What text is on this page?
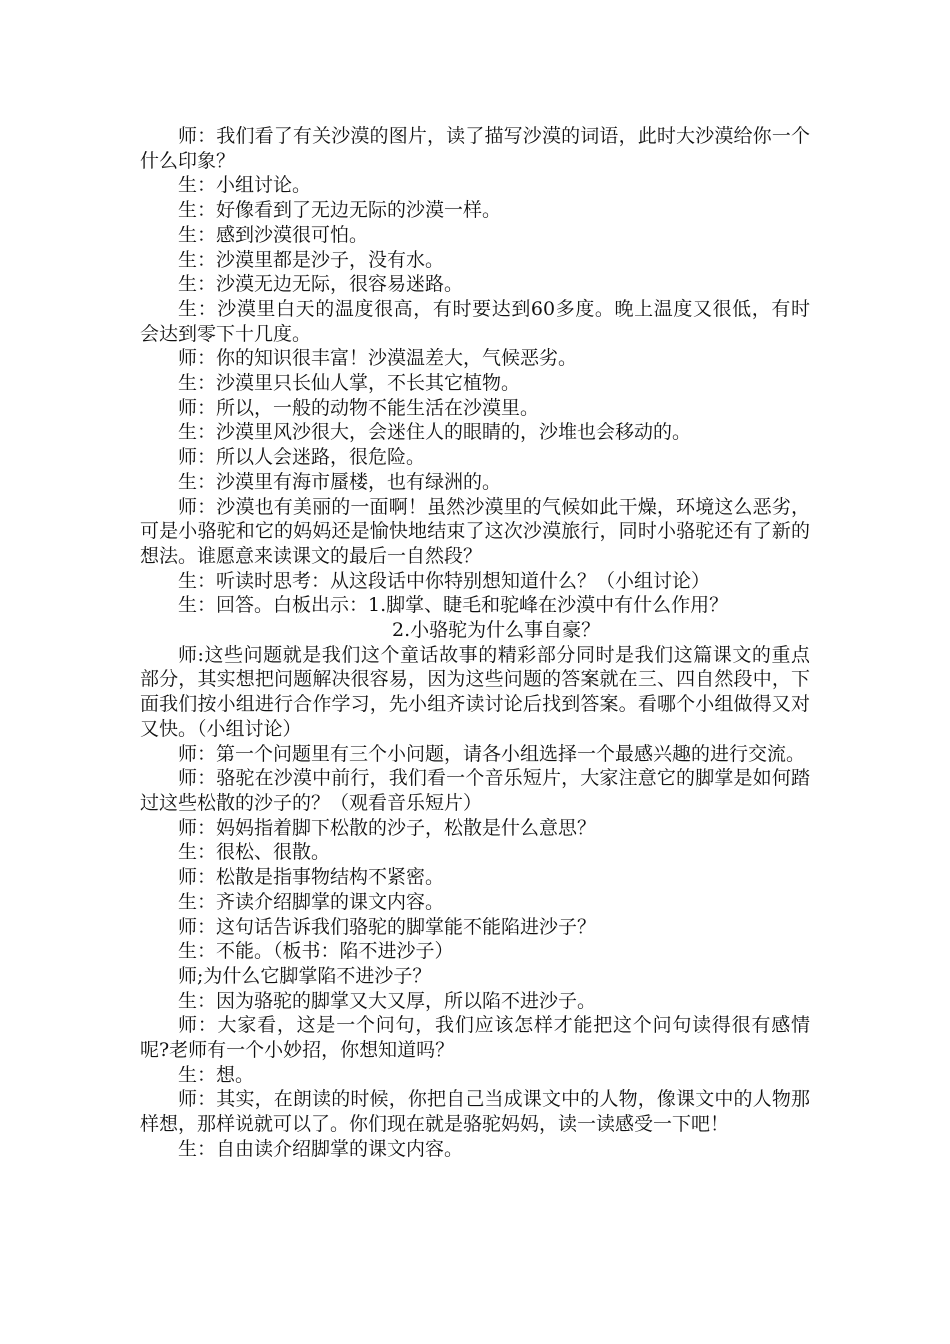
师：我们看了有关沙漠的图片，读了描写沙漠的词语，此时大沙漠给你一个什么印象？

生：小组讨论。

生：好像看到了无边无际的沙漠一样。

生：感到沙漠很可怕。

生：沙漠里都是沙子，没有水。

生：沙漠无边无际，很容易迷路。

生：沙漠里白天的温度很高，有时要达到60多度。晚上温度又很低，有时会达到零下十几度。

师：你的知识很丰富！沙漠温差大，气候恶劣。

生：沙漠里只长仙人掌，不长其它植物。

师：所以，一般的动物不能生活在沙漠里。

生：沙漠里风沙很大，会迷住人的眼睛的，沙堆也会移动的。

师：所以人会迷路，很危险。

生：沙漠里有海市蜃楼，也有绿洲的。

师：沙漠也有美丽的一面啊！虽然沙漠里的气候如此干燥，环境这么恶劣，可是小骆驼和它的妈妈还是愉快地结束了这次沙漠旅行，同时小骆驼还有了新的想法。谁愿意来读课文的最后一自然段？

生：听读时思考：从这段话中你特别想知道什么？（小组讨论）

生：回答。白板出示：1.脚掌、睫毛和驼峰在沙漠中有什么作用？

2.小骆驼为什么事自豪？

师:这些问题就是我们这个童话故事的精彩部分同时是我们这篇课文的重点部分，其实想把问题解决很容易，因为这些问题的答案就在三、四自然段中，下面我们按小组进行合作学习，先小组齐读讨论后找到答案。看哪个小组做得又对又快。（小组讨论）

师：第一个问题里有三个小问题，请各小组选择一个最感兴趣的进行交流。

师：骆驼在沙漠中前行，我们看一个音乐短片，大家注意它的脚掌是如何踏过这些松散的沙子的？（观看音乐短片）

师：妈妈指着脚下松散的沙子，松散是什么意思？

生：很松、很散。

师：松散是指事物结构不紧密。

生：齐读介绍脚掌的课文内容。

师：这句话告诉我们骆驼的脚掌能不能陷进沙子？

生：不能。（板书：陷不进沙子）

师;为什么它脚掌陷不进沙子？

生：因为骆驼的脚掌又大又厚，所以陷不进沙子。

师：大家看，这是一个问句，我们应该怎样才能把这个问句读得很有感情呢?老师有一个小妙招，你想知道吗？

生：想。

师：其实，在朗读的时候，你把自己当成课文中的人物，像课文中的人物那样想，那样说就可以了。你们现在就是骆驼妈妈，读一读感受一下吧！

生：自由读介绍脚掌的课文内容。
